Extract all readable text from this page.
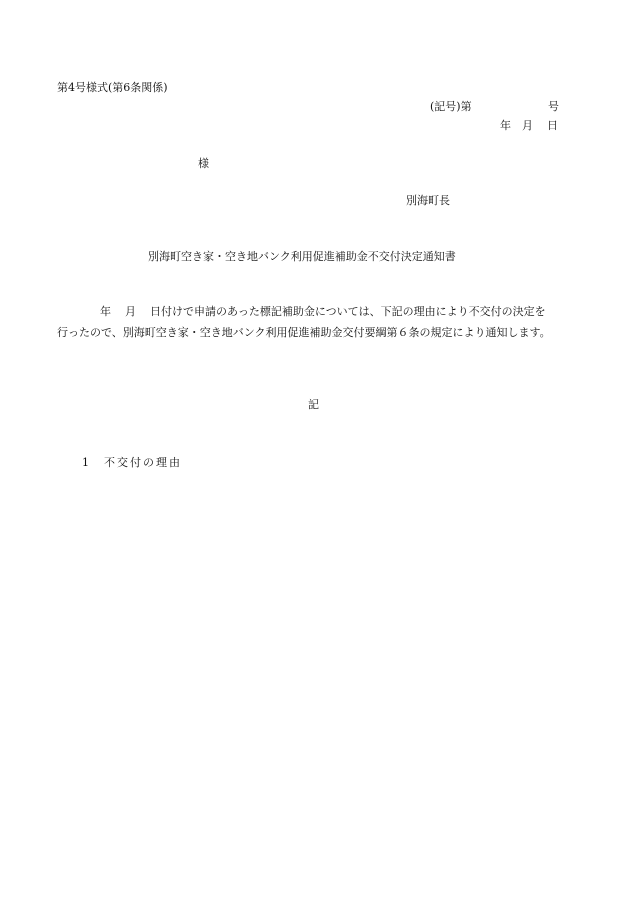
第4号様式(第6条関係)
(記号)第	号
年 月 日
様
別海町長
別海町空き家・空き地バンク利用促進補助金不交付決定通知書
年 月 日付けで申請のあった標記補助金については、下記の理由により不交付の決定を
行ったので、別海町空き家・空き地バンク利用促進補助金交付要綱第６条の規定により通知します。
記
1 不交付の理由
